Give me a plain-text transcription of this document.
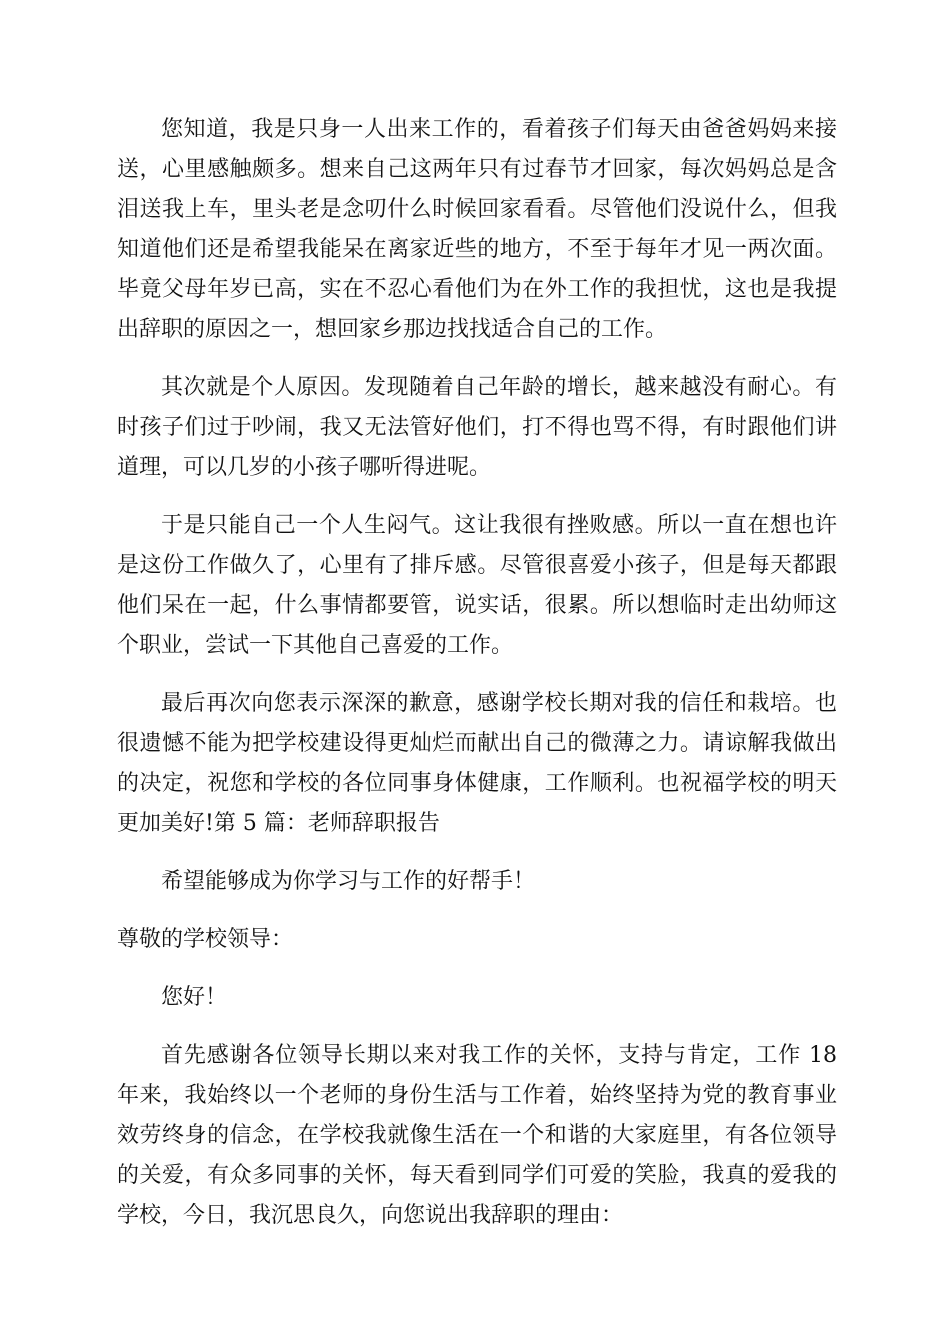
您知道，我是只身一人出来工作的，看着孩子们每天由爸爸妈妈来接送，心里感触颇多。想来自己这两年只有过春节才回家，每次妈妈总是含泪送我上车，里头老是念叨什么时候回家看看。尽管他们没说什么，但我知道他们还是希望我能呆在离家近些的地方，不至于每年才见一两次面。毕竟父母年岁已高，实在不忍心看他们为在外工作的我担忧，这也是我提出辞职的原因之一，想回家乡那边找找适合自己的工作。

其次就是个人原因。发现随着自己年龄的增长，越来越没有耐心。有时孩子们过于吵闹，我又无法管好他们，打不得也骂不得，有时跟他们讲道理，可以几岁的小孩子哪听得进呢。

于是只能自己一个人生闷气。这让我很有挫败感。所以一直在想也许是这份工作做久了，心里有了排斥感。尽管很喜爱小孩子，但是每天都跟他们呆在一起，什么事情都要管，说实话，很累。所以想临时走出幼师这个职业，尝试一下其他自己喜爱的工作。

最后再次向您表示深深的歉意，感谢学校长期对我的信任和栽培。也很遗憾不能为把学校建设得更灿烂而献出自己的微薄之力。请谅解我做出的决定，祝您和学校的各位同事身体健康，工作顺利。也祝福学校的明天更加美好!第 5 篇：老师辞职报告

希望能够成为你学习与工作的好帮手！

尊敬的学校领导：

您好！

首先感谢各位领导长期以来对我工作的关怀，支持与肯定，工作 18 年来，我始终以一个老师的身份生活与工作着，始终坚持为党的教育事业效劳终身的信念，在学校我就像生活在一个和谐的大家庭里，有各位领导的关爱，有众多同事的关怀，每天看到同学们可爱的笑脸，我真的爱我的学校，今日，我沉思良久，向您说出我辞职的理由：
